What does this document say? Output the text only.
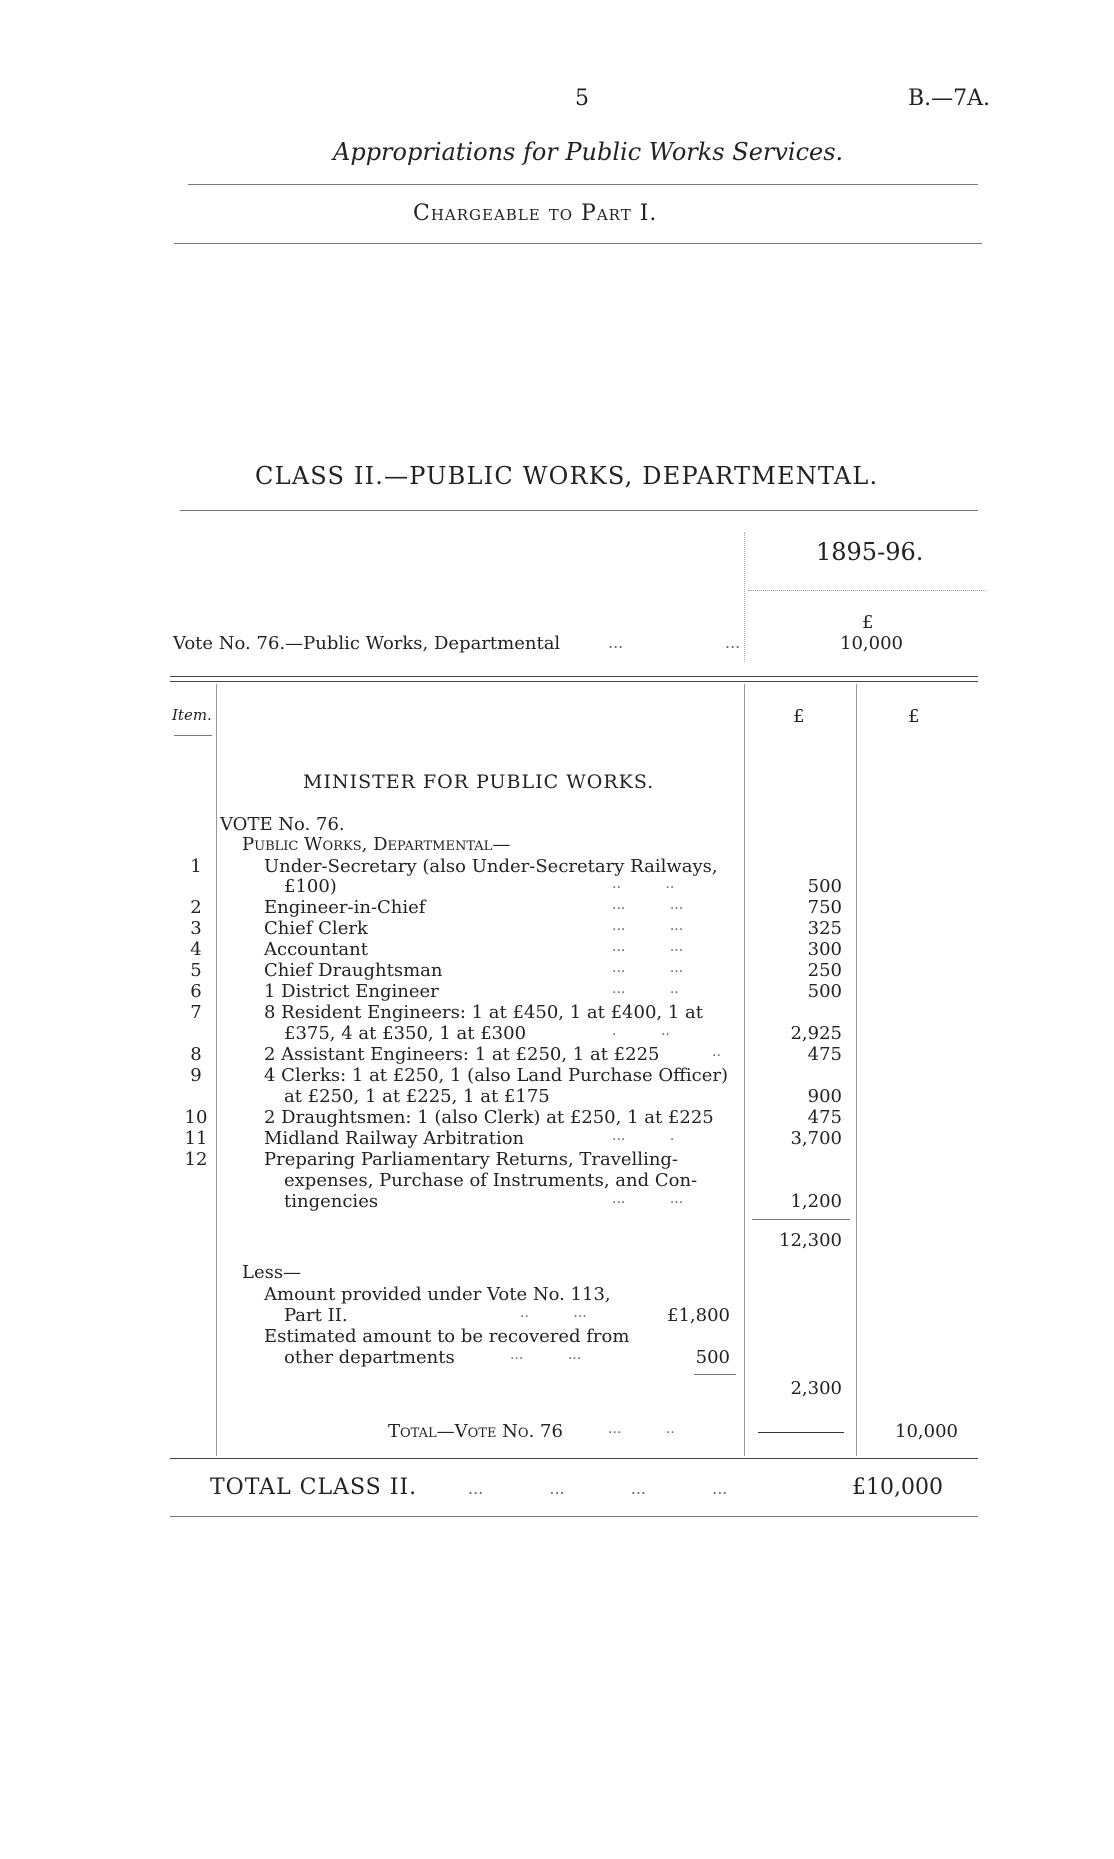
5	B.—7A.
Appropriations for Public Works Services.
Chargeable to Part I.
CLASS II.—PUBLIC WORKS, DEPARTMENTAL.
1895-96.
Vote No. 76.—Public Works, Departmental	...                    ...
£
10,000
Item.	£	£
MINISTER FOR PUBLIC WORKS.
VOTE No. 76.
Public Works, Departmental—
1	Under-Secretary (also Under-Secretary Railways,
£100)	..          ..	500
2	Engineer-in-Chief	...          ...	750
3	Chief Clerk	...          ...	325
4	Accountant	...          ...	300
5	Chief Draughtsman	...          ...	250
6	1 District Engineer	...          ..	500
7	8 Resident Engineers: 1 at £450, 1 at £400, 1 at
£375, 4 at £350, 1 at £300	.          ..	2,925
8	2 Assistant Engineers: 1 at £250, 1 at £225	..	475
9	4 Clerks: 1 at £250, 1 (also Land Purchase Officer)
at £250, 1 at £225, 1 at £175	900
10	2 Draughtsmen: 1 (also Clerk) at £250, 1 at £225	475
11	Midland Railway Arbitration	...          .	3,700
12	Preparing Parliamentary Returns, Travelling-
expenses, Purchase of Instruments, and Con-
tingencies	...          ...	1,200
12,300
Less—
Amount provided under Vote No. 113,
Part II.	..          ...	£1,800
Estimated amount to be recovered from
other departments	...          ...	500
2,300
Total—Vote No. 76	...          ..	10,000
TOTAL CLASS II.	...             ...             ...             ...	£10,000
